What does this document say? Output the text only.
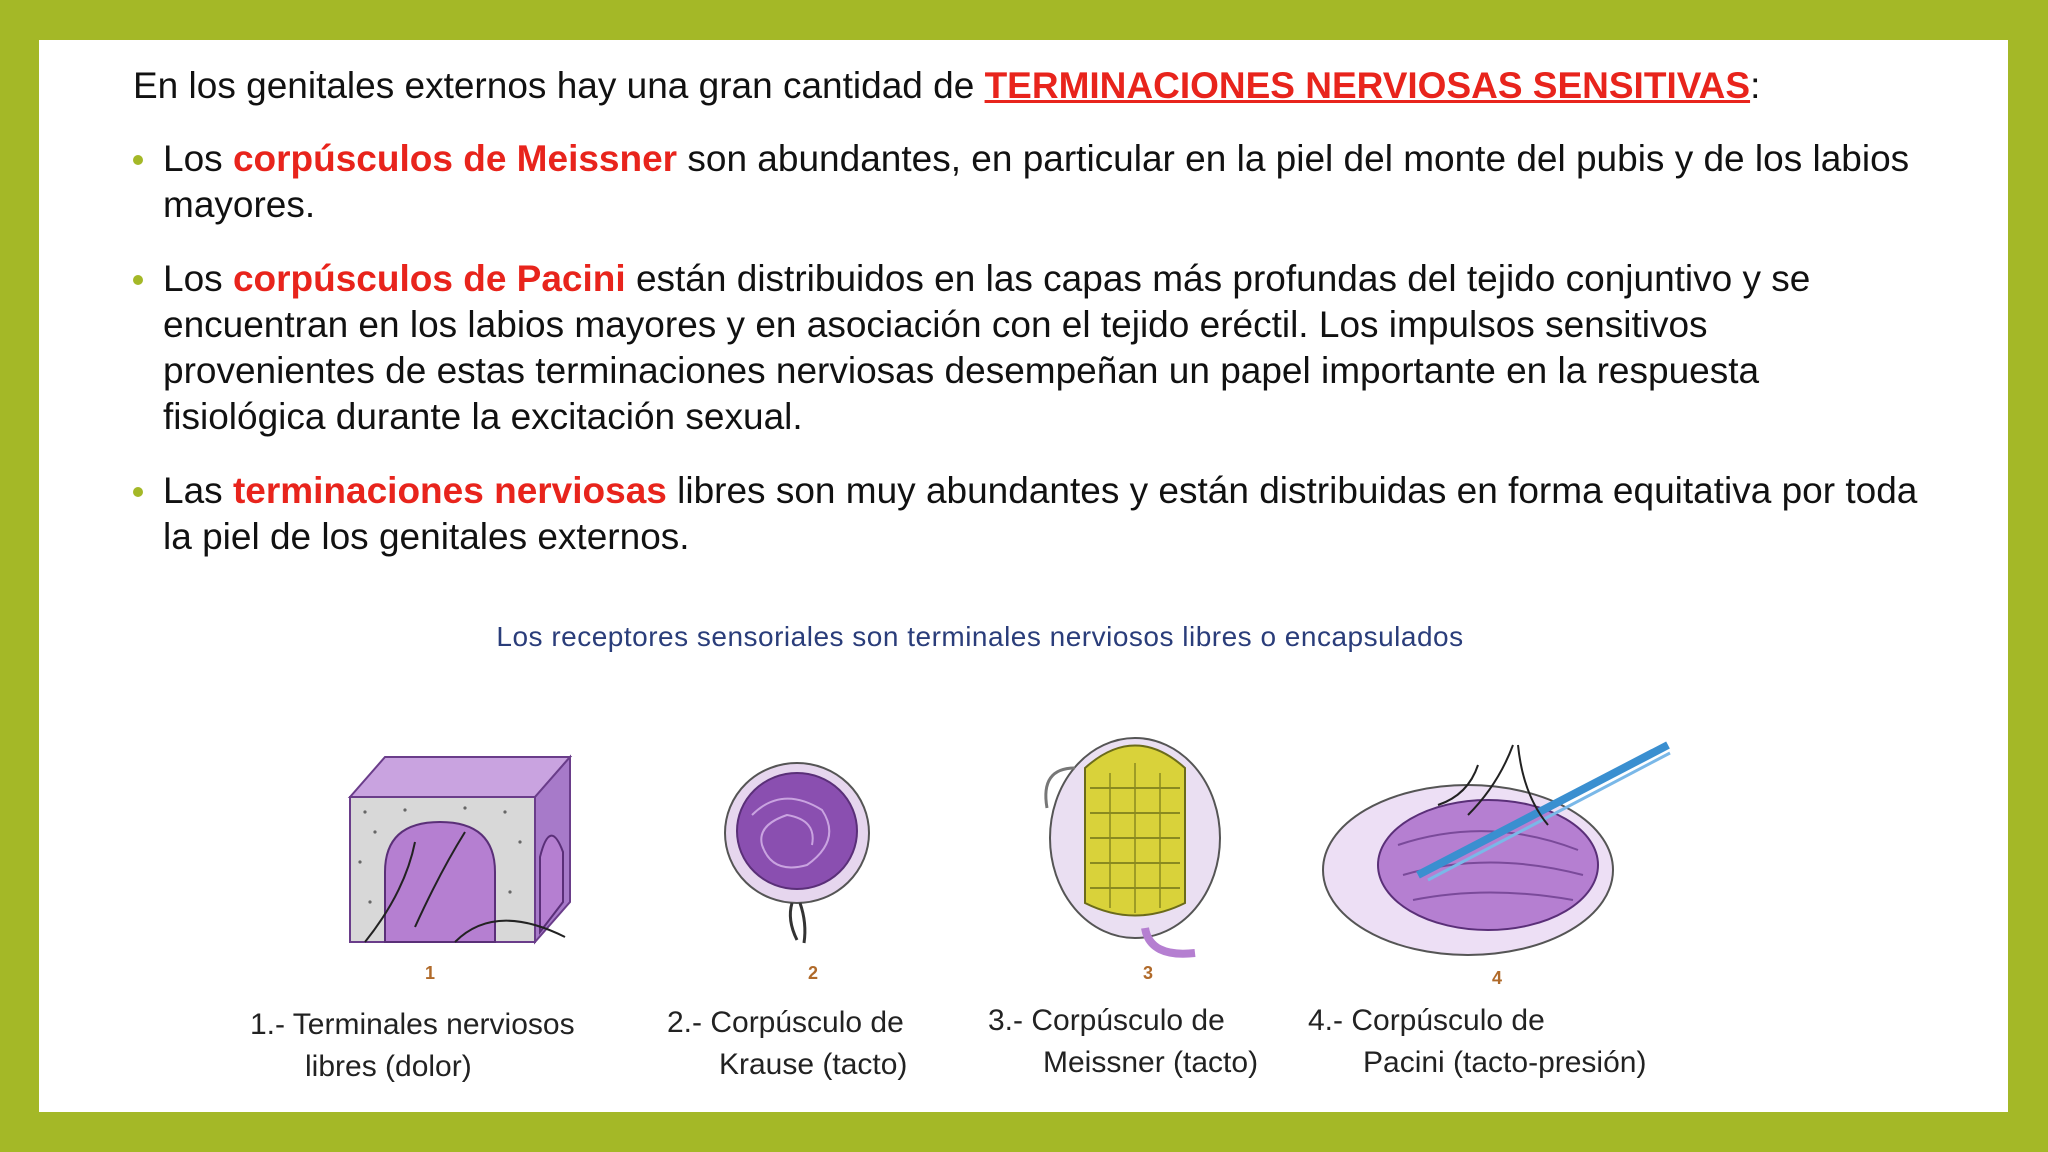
En los genitales externos hay una gran cantidad de TERMINACIONES NERVIOSAS SENSITIVAS:
Los corpúsculos de Meissner son abundantes, en particular en la piel del monte del pubis y de los labios mayores.
Los corpúsculos de Pacini están distribuidos en las capas más profundas del tejido conjuntivo y se encuentran en los labios mayores y en asociación con el tejido eréctil. Los impulsos sensitivos provenientes de estas terminaciones nerviosas desempeñan un papel importante en la respuesta fisiológica durante la excitación sexual.
Las terminaciones nerviosas libres son muy abundantes y están distribuidas en forma equitativa por toda la piel de los genitales externos.
Los receptores sensoriales son terminales nerviosos libres o encapsulados
1	2	3	4
1.- Terminales nerviosos
libres (dolor)
2.- Corpúsculo de
Krause (tacto)
3.- Corpúsculo de
Meissner (tacto)
4.- Corpúsculo de
Pacini (tacto-presión)
